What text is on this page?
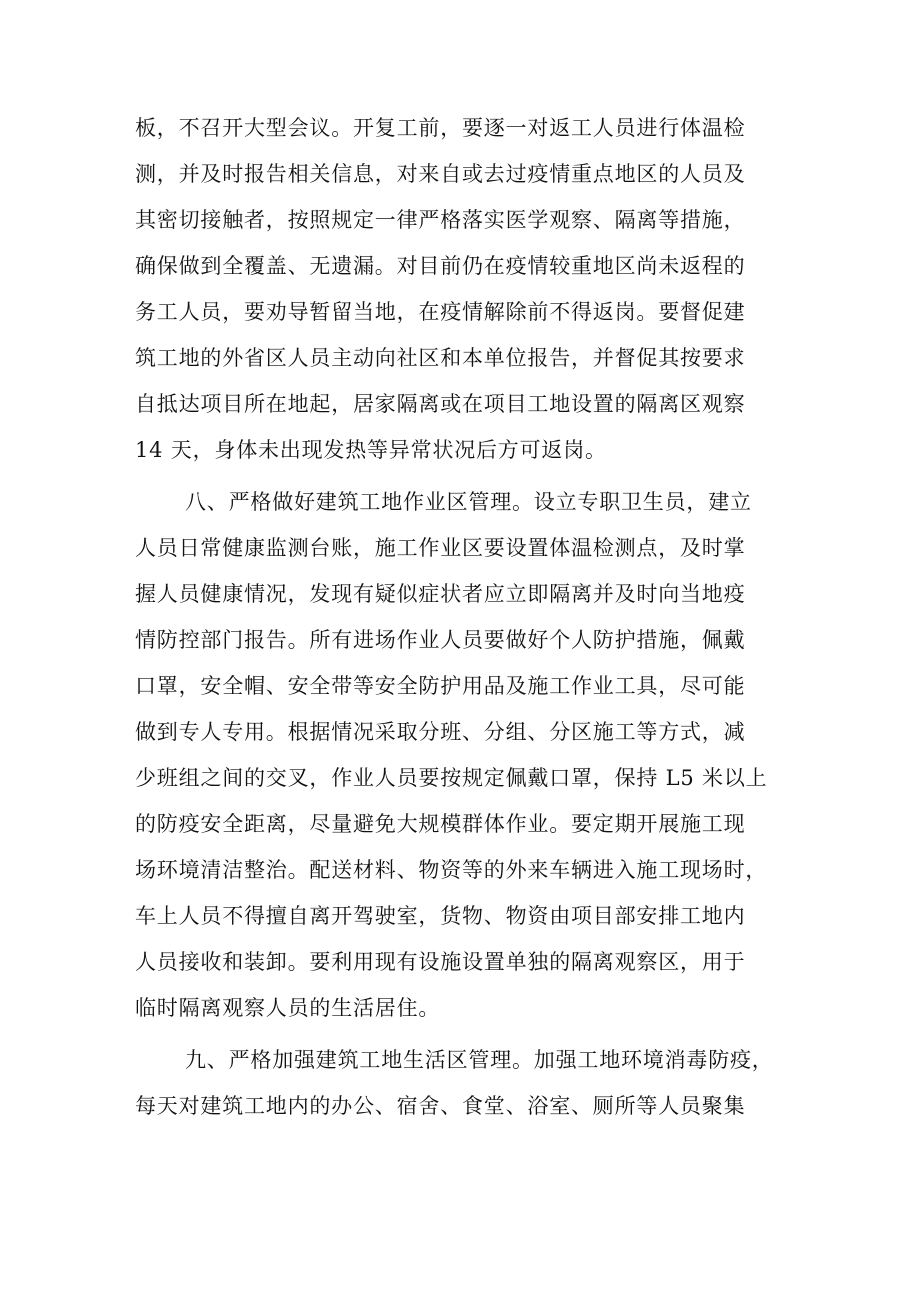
板，不召开大型会议。开复工前，要逐一对返工人员进行体温检
测，并及时报告相关信息，对来自或去过疫情重点地区的人员及
其密切接触者，按照规定一律严格落实医学观察、隔离等措施，
确保做到全覆盖、无遗漏。对目前仍在疫情较重地区尚未返程的
务工人员，要劝导暂留当地，在疫情解除前不得返岗。要督促建
筑工地的外省区人员主动向社区和本单位报告，并督促其按要求
自抵达项目所在地起，居家隔离或在项目工地设置的隔离区观察
14 天，身体未出现发热等异常状况后方可返岗。
八、严格做好建筑工地作业区管理。设立专职卫生员，建立
人员日常健康监测台账，施工作业区要设置体温检测点，及时掌
握人员健康情况，发现有疑似症状者应立即隔离并及时向当地疫
情防控部门报告。所有进场作业人员要做好个人防护措施，佩戴
口罩，安全帽、安全带等安全防护用品及施工作业工具，尽可能
做到专人专用。根据情况采取分班、分组、分区施工等方式，减
少班组之间的交叉，作业人员要按规定佩戴口罩，保持 L5 米以上
的防疫安全距离，尽量避免大规模群体作业。要定期开展施工现
场环境清洁整治。配送材料、物资等的外来车辆进入施工现场时，
车上人员不得擅自离开驾驶室，货物、物资由项目部安排工地内
人员接收和装卸。要利用现有设施设置单独的隔离观察区，用于
临时隔离观察人员的生活居住。
九、严格加强建筑工地生活区管理。加强工地环境消毒防疫，
每天对建筑工地内的办公、宿舍、食堂、浴室、厕所等人员聚集
